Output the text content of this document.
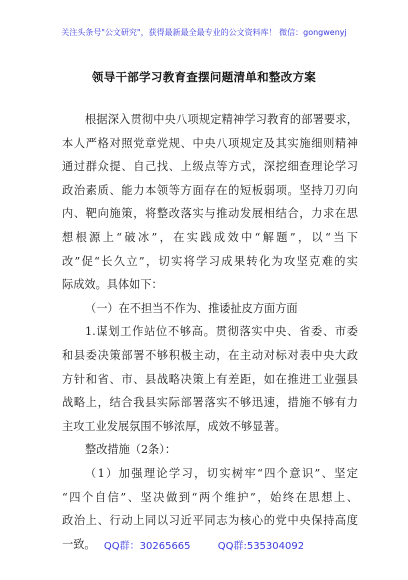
关注头条号"公文研究"，获得最新最全最专业的公文资料库！ 微信：gongwenyj
领导干部学习教育查摆问题清单和整改方案
根据深入贯彻中央八项规定精神学习教育的部署要求，
本人严格对照党章党规、中央八项规定及其实施细则精神
通过群众提、自己找、上级点等方式，深挖细查理论学习
政治素质、能力本领等方面存在的短板弱项。坚持刀刃向
内、靶向施策，将整改落实与推动发展相结合，力求在思
想根源上“破冰”，在实践成效中“解题”，以“当下
改”促“长久立”，切实将学习成果转化为攻坚克难的实
际成效。具体如下：
（一）在不担当不作为、推诿扯皮方面方面
1.谋划工作站位不够高。贯彻落实中央、省委、市委
和县委决策部署不够积极主动，在主动对标对表中央大政
方针和省、市、县战略决策上有差距，如在推进工业强县
战略上，结合我县实际部署落实不够迅速，措施不够有力
主攻工业发展氛围不够浓厚，成效不够显著。
整改措施（2条）：
（1）加强理论学习，切实树牢“四个意识”、坚定
“四个自信”、坚决做到“两个维护”，始终在思想上、
政治上、行动上同以习近平同志为核心的党中央保持高度
一致。 QQ群：30265665	QQ群:535304092
